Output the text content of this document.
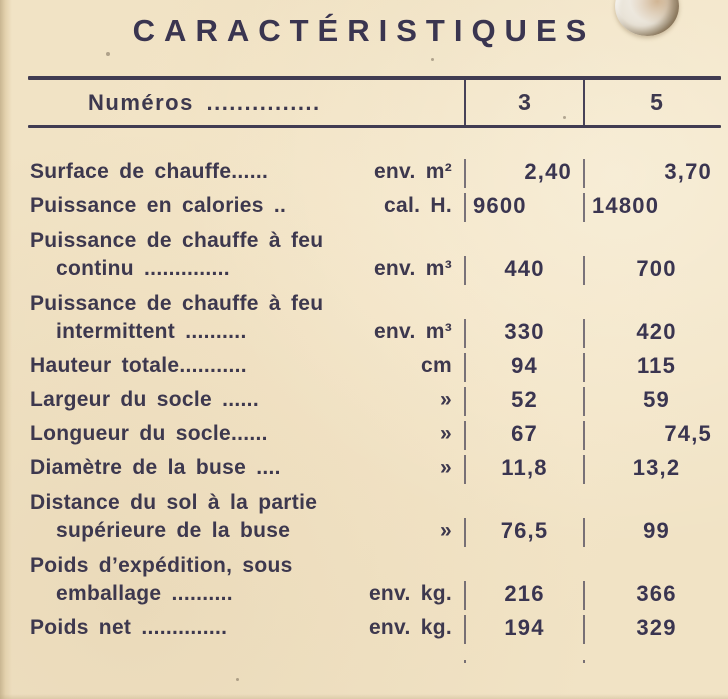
CARACTÉRISTIQUES
Numéros ...............	3	5
Surface de chauffe......	env. m²	2,40	3,70
Puissance en calories ..	cal. H. 9600	14800
Puissance de chauffe à feu
continu ..............	env. m³	440	700
Puissance de chauffe à feu
intermittent ..........	env. m³	330	420
Hauteur totale...........	cm	94	115
Largeur du socle ......	»	52	59
Longueur du socle......	»	67	74,5
Diamètre de la buse ....	»	11,8	13,2
Distance du sol à la partie
supérieure de la buse	»	76,5	99
Poids d’expédition, sous
emballage ..........	env. kg.	216	366
Poids net ..............	env. kg.	194	329
